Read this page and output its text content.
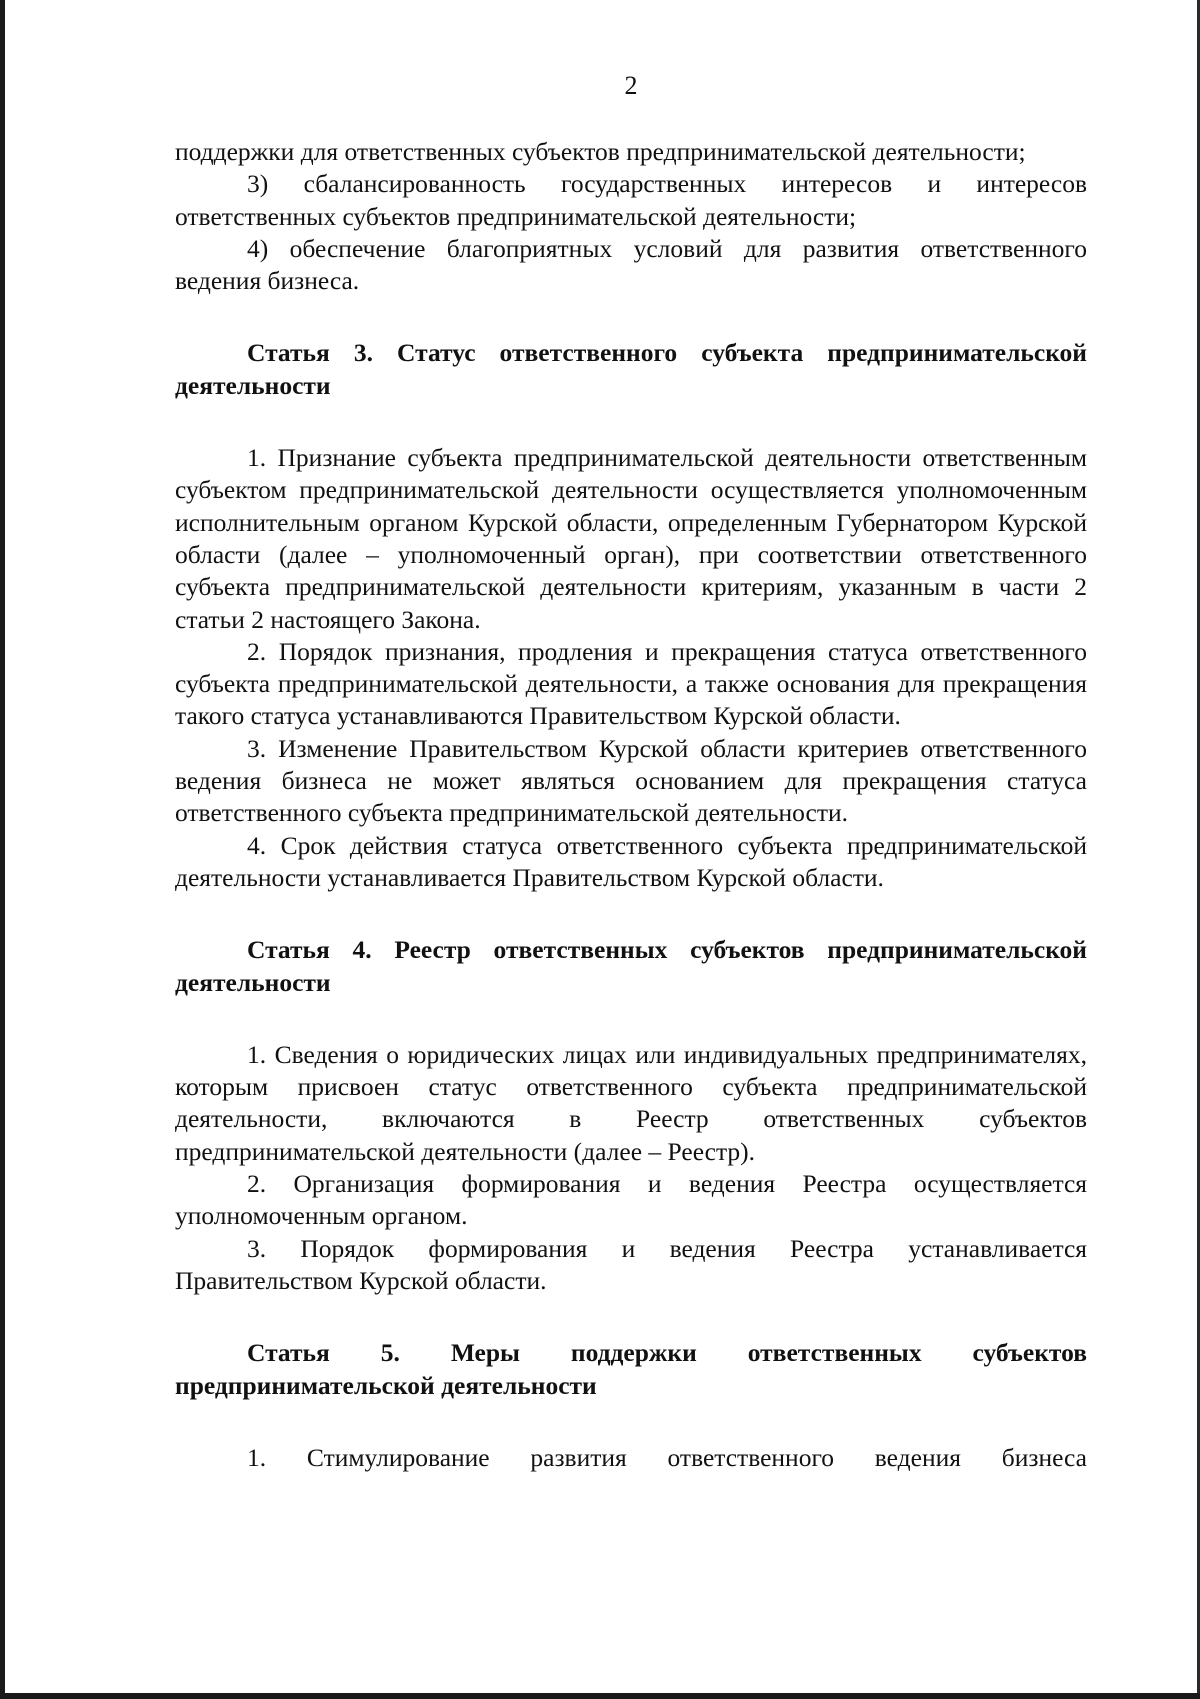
2

поддержки для ответственных субъектов предпринимательской деятельности;

3) сбалансированность государственных интересов и интересов ответственных субъектов предпринимательской деятельности;

4) обеспечение благоприятных условий для развития ответственного ведения бизнеса.

Статья 3. Статус ответственного субъекта предпринимательской деятельности

1. Признание субъекта предпринимательской деятельности ответственным субъектом предпринимательской деятельности осуществляется уполномоченным исполнительным органом Курской области, определенным Губернатором Курской области (далее – уполномоченный орган), при соответствии ответственного субъекта предпринимательской деятельности критериям, указанным в части 2 статьи 2 настоящего Закона.

2. Порядок признания, продления и прекращения статуса ответственного субъекта предпринимательской деятельности, а также основания для прекращения такого статуса устанавливаются Правительством Курской области.

3. Изменение Правительством Курской области критериев ответственного ведения бизнеса не может являться основанием для прекращения статуса ответственного субъекта предпринимательской деятельности.

4. Срок действия статуса ответственного субъекта предпринимательской деятельности устанавливается Правительством Курской области.

Статья 4. Реестр ответственных субъектов предпринимательской деятельности

1. Сведения о юридических лицах или индивидуальных предпринимателях, которым присвоен статус ответственного субъекта предпринимательской деятельности, включаются в Реестр ответственных субъектов предпринимательской деятельности (далее – Реестр).

2. Организация формирования и ведения Реестра осуществляется уполномоченным органом.

3. Порядок формирования и ведения Реестра устанавливается Правительством Курской области.

Статья 5. Меры поддержки ответственных субъектов предпринимательской деятельности

1. Стимулирование развития ответственного ведения бизнеса
